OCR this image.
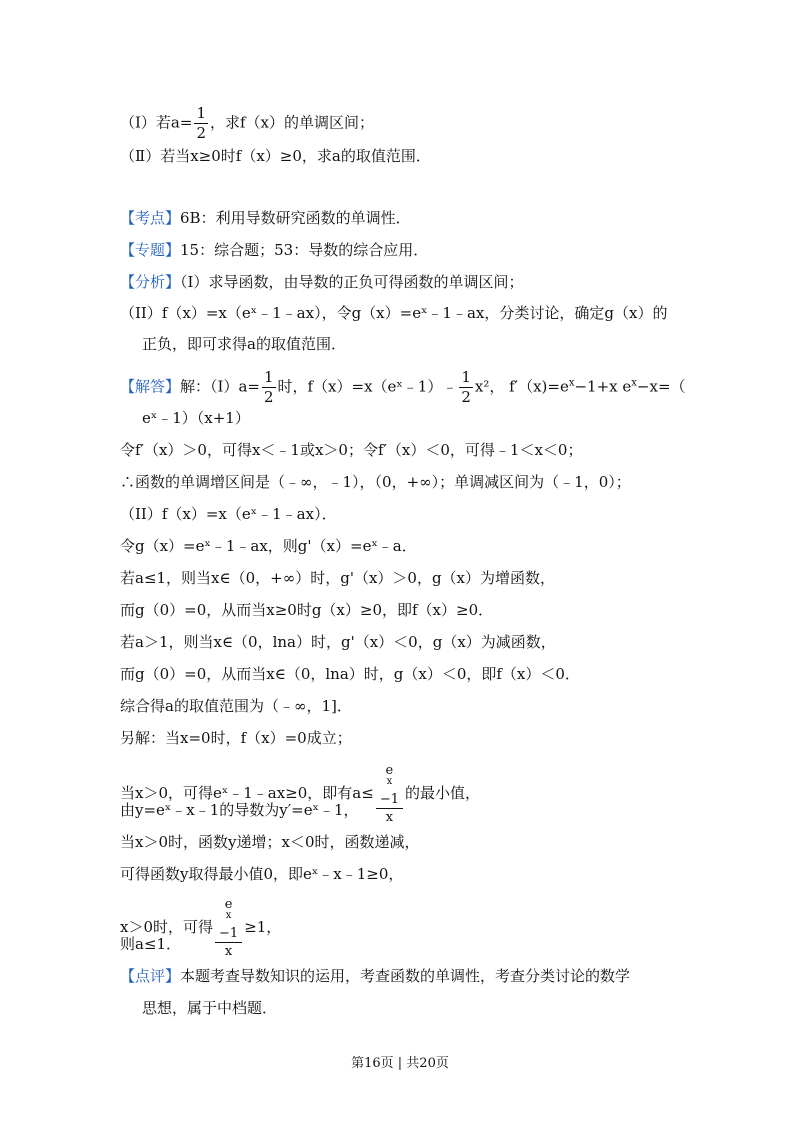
（Ⅰ）若$a= \frac{1}{2}$ ，求f（x）的单调区间；
（Ⅱ）若当x≥0时f（x）≥0，求a的取值范围．
【考点】6B：利用导数研究函数的单调性．
【专题】15：综合题；53：导数的综合应用．
【分析】（I）求导函数，由导数的正负可得函数的单调区间；
（II）f（x）=x（eˣ﹣1﹣ax），令g（x）=eˣ﹣1﹣ax，分类讨论，确定g（x）的
正负，即可求得a的取值范围．
【解答】解：$(I)a= \frac{1}{2}$ 时，f（x）=x（eˣ﹣1）﹣ $\frac{1}{2} x^2$， $f'(x)=e^x-1+x$ $e^x-x=$（
eˣ﹣1）（x+1）
令f′（x）＞0，可得x＜﹣1或x＞0；令f′（x）＜0，可得﹣1＜x＜0；
∴函数的单调增区间是（﹣∞，﹣1），（0，+∞）；单调减区间为（﹣1，0）；
（II）f（x）=x（eˣ﹣1﹣ax）．
令g（x）=eˣ﹣1﹣ax，则g'（x）=eˣ﹣a．
若a≤1，则当x∈（0，+∞）时，g'（x）＞0，g（x）为增函数，
而g（0）=0，从而当x≥0时g（x）≥0，即f（x）≥0．
若a＞1，则当x∈（0，lna）时，g'（x）＜0，g（x）为减函数，
而g（0）=0，从而当x∈（0，lna）时，g（x）＜0，即f（x）＜0．
综合得a的取值范围为（﹣∞，1]．
另解：当x=0时，f（x）=0成立；
当x＞0，可得eˣ﹣1﹣ax≥0，即有a≤ e
$^x$
−1
x 的最小值，
由y=eˣ﹣x﹣1的导数为y′=eˣ﹣1，
当x＞0时，函数y递增；x＜0时，函数递减，
可得函数y取得最小值0，即eˣ﹣x﹣1≥0，
x＞0时，可得 e
$^x$
−1
x ≥1，
则a≤1．
【点评】本题考查导数知识的运用，考查函数的单调性，考查分类讨论的数学
思想，属于中档题．
第16页 | 共20页
